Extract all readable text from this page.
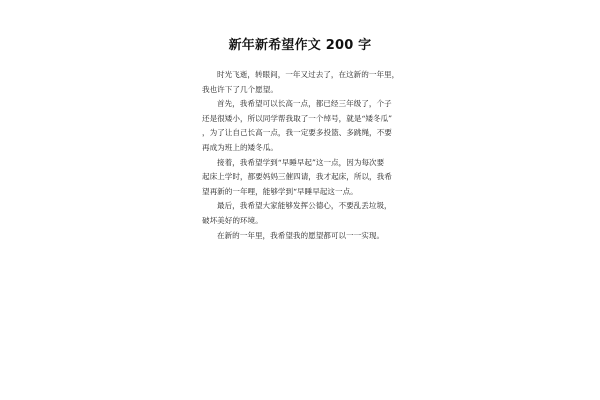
新年新希望作文 200 字
时光飞逝，转眼间，一年又过去了，在这新的一年里，
我也许下了几个愿望。
首先，我希望可以长高一点，都已经三年级了，个子
还是很矮小，所以同学帮我取了一个绰号，就是“矮冬瓜”
，为了让自己长高一点，我一定要多投篮、多跳绳，不要
再成为班上的矮冬瓜。
接着，我希望学到“早睡早起”这一点，因为每次要
起床上学时，都要妈妈三催四请，我才起床，所以，我希
望再新的一年哩，能够学到“早睡早起这一点。
最后，我希望大家能够发挥公德心，不要乱丢垃圾，
破坏美好的环境。
在新的一年里，我希望我的愿望都可以一一实现。
